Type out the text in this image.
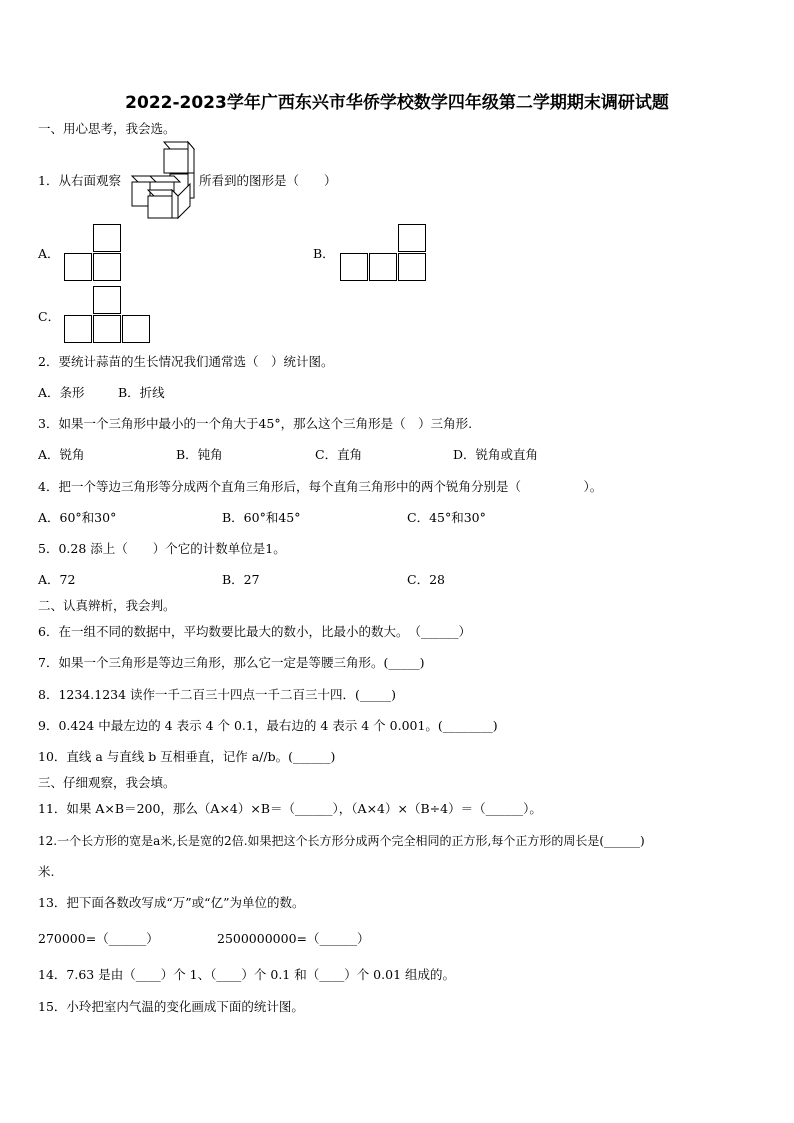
2022-2023学年广西东兴市华侨学校数学四年级第二学期期末调研试题
一、用心思考，我会选。
1．从右面观察	所看到的图形是（　　）
A．	B．
C．
2．要统计蒜苗的生长情况我们通常选（　）统计图。
A．条形	B．折线
3．如果一个三角形中最小的一个角大于45°，那么这个三角形是（　）三角形.
A．锐角	B．钝角	C．直角	D．锐角或直角
4．把一个等边三角形等分成两个直角三角形后，每个直角三角形中的两个锐角分别是（　　　　　）。
A．60°和30°	B．60°和45°	C．45°和30°
5．0.28 添上（　　）个它的计数单位是1。
A．72	B．27	C．28
二、认真辨析，我会判。
6．在一组不同的数据中，平均数要比最大的数小，比最小的数大。　（______）
7．如果一个三角形是等边三角形，那么它一定是等腰三角形。(_____)
8．1234.1234 读作一千二百三十四点一千二百三十四．(_____)
9．0.424 中最左边的 4 表示 4 个 0.1，最右边的 4 表示 4 个 0.001。(________)
10．直线 a 与直线 b 互相垂直，记作 a//b。(______)
三、仔细观察，我会填。
11．如果 A×B＝200，那么（A×4）×B＝（______），（A×4）×（B÷4）＝（______）。
12.一个长方形的宽是a米,长是宽的2倍.如果把这个长方形分成两个完全相同的正方形,每个正方形的周长是(______)
米.
13．把下面各数改写成“万”或“亿”为单位的数。
270000=（______）	2500000000=（______）
14．7.63 是由（____）个 1、（____）个 0.1 和（____）个 0.01 组成的。
15．小玲把室内气温的变化画成下面的统计图。
